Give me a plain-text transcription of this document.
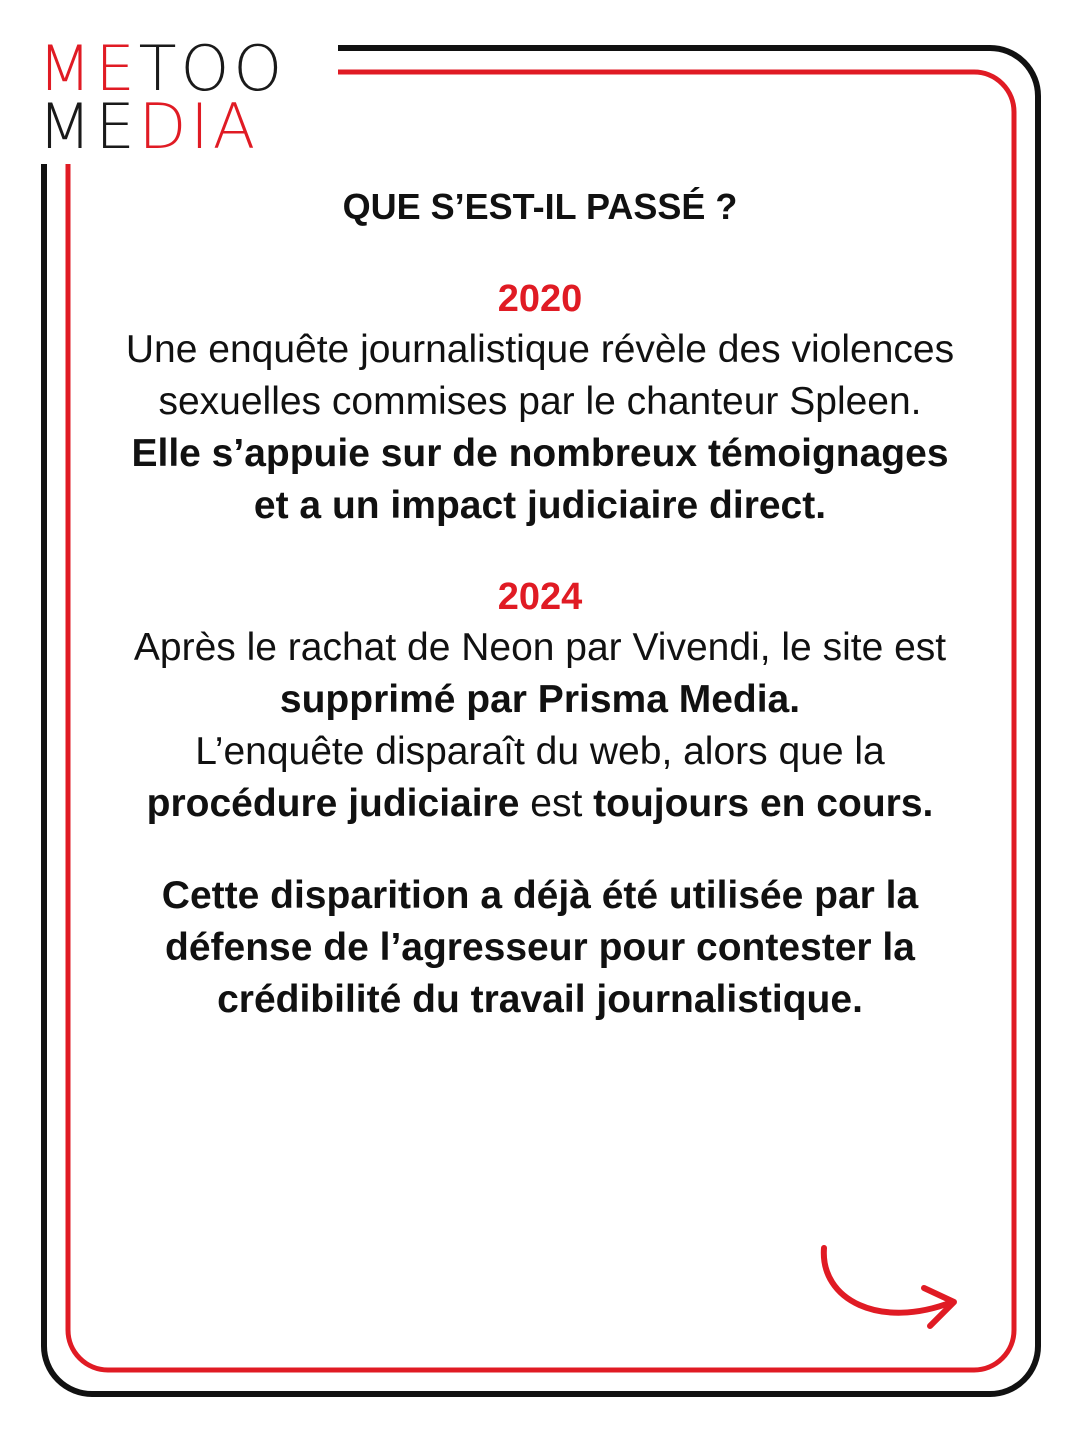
METOO
MEDIA

QUE S’EST-IL PASSÉ ?

2020

Une enquête journalistique révèle des violences sexuelles commises par le chanteur Spleen.

Elle s’appuie sur de nombreux témoignages et a un impact judiciaire direct.

2024

Après le rachat de Neon par Vivendi, le site est supprimé par Prisma Media.

L’enquête disparaît du web, alors que la procédure judiciaire est toujours en cours.

Cette disparition a déjà été utilisée par la défense de l’agresseur pour contester la crédibilité du travail journalistique.
